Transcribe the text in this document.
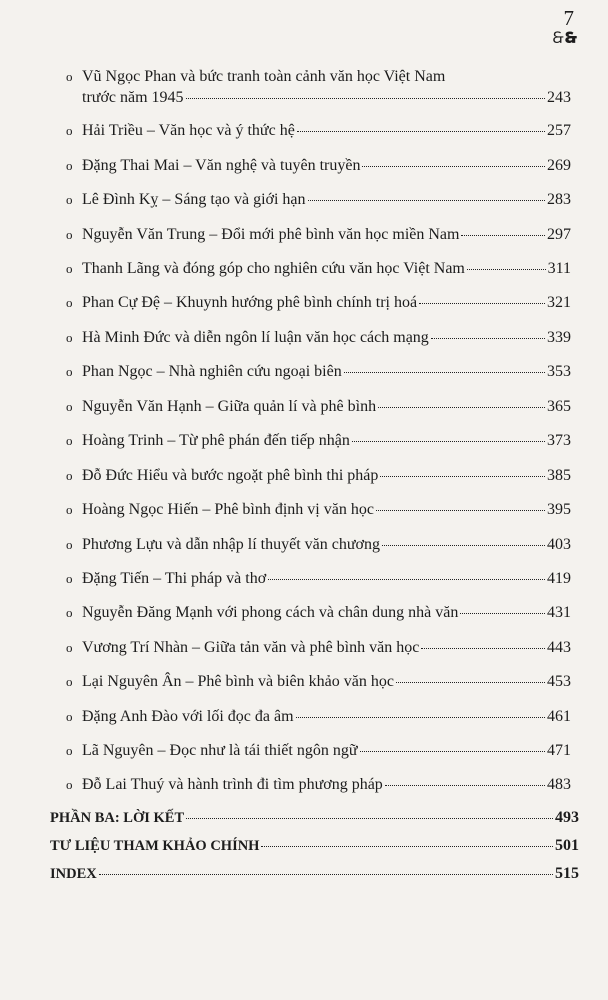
7
🙲🙳
o Vũ Ngọc Phan và bức tranh toàn cảnh văn học Việt Nam
trước năm 1945	243
o Hải Triều – Văn học và ý thức hệ	257
o Đặng Thai Mai – Văn nghệ và tuyên truyền	269
o Lê Đình Kỵ – Sáng tạo và giới hạn	283
o Nguyễn Văn Trung – Đổi mới phê bình văn học miền Nam	297
o Thanh Lãng và đóng góp cho nghiên cứu văn học Việt Nam	311
o Phan Cự Đệ – Khuynh hướng phê bình chính trị hoá	321
o Hà Minh Đức và diễn ngôn lí luận văn học cách mạng	339
o Phan Ngọc – Nhà nghiên cứu ngoại biên	353
o Nguyễn Văn Hạnh – Giữa quản lí và phê bình	365
o Hoàng Trinh – Từ phê phán đến tiếp nhận	373
o Đỗ Đức Hiểu và bước ngoặt phê bình thi pháp	385
o Hoàng Ngọc Hiến – Phê bình định vị văn học	395
o Phương Lựu và dẫn nhập lí thuyết văn chương	403
o Đặng Tiến – Thi pháp và thơ	419
o Nguyễn Đăng Mạnh với phong cách và chân dung nhà văn	431
o Vương Trí Nhàn – Giữa tản văn và phê bình văn học	443
o Lại Nguyên Ân – Phê bình và biên khảo văn học	453
o Đặng Anh Đào với lối đọc đa âm	461
o Lã Nguyên – Đọc như là tái thiết ngôn ngữ	471
o Đỗ Lai Thuý và hành trình đi tìm phương pháp	483
PHẦN BA: LỜI KẾT	493
TƯ LIỆU THAM KHẢO CHÍNH	501
INDEX	515
